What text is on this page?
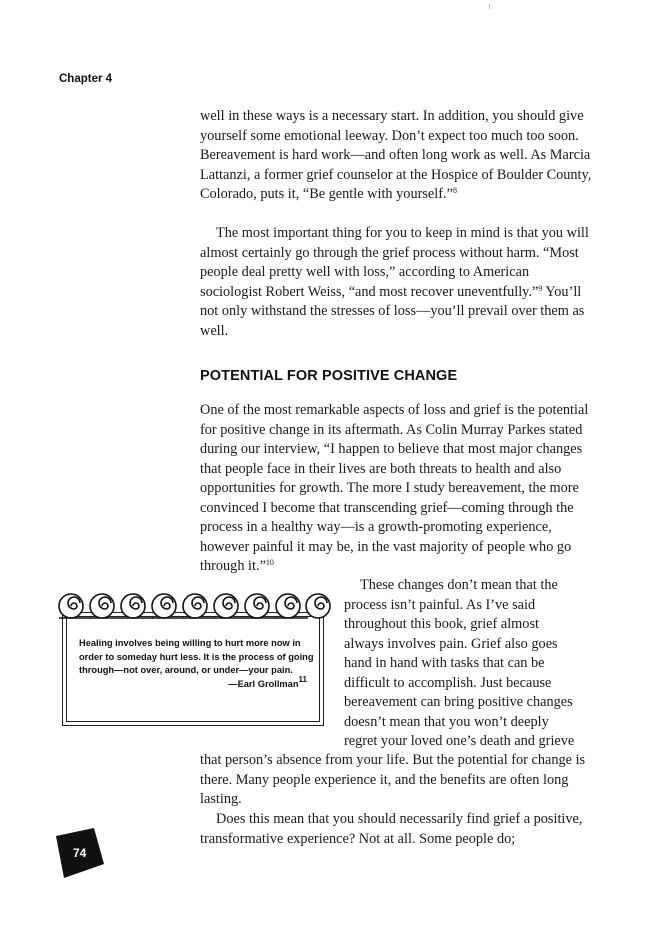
Chapter 4

well in these ways is a necessary start. In addition, you should give yourself some emotional leeway. Don’t expect too much too soon. Bereavement is hard work—and often long work as well. As Marcia Lattanzi, a former grief counselor at the Hospice of Boulder County, Colorado, puts it, “Be gentle with yourself.”$^8$

The most important thing for you to keep in mind is that you will almost certainly go through the grief process without harm. “Most people deal pretty well with loss,” according to American sociologist Robert Weiss, “and most recover uneventfully.”$^9$ You’ll not only withstand the stresses of loss—you’ll prevail over them as well.

POTENTIAL FOR POSITIVE CHANGE

One of the most remarkable aspects of loss and grief is the potential for positive change in its aftermath. As Colin Murray Parkes stated during our interview, “I happen to believe that most major changes that people face in their lives are both threats to health and also opportunities for growth. The more I study bereavement, the more convinced I become that transcending grief—coming through the process in a healthy way—is a growth-promoting experience, however painful it may be, in the vast majority of people who go through it.”$^{10}$

These changes don’t mean that the
process isn’t painful. As I’ve said
throughout this book, grief almost
always involves pain. Grief also goes
hand in hand with tasks that can be
difficult to accomplish. Just because
bereavement can bring positive changes
doesn’t mean that you won’t deeply
regret your loved one’s death and grieve

that person’s absence from your life. But the potential for change is there. Many people experience it, and the benefits are often long lasting.

Does this mean that you should necessarily find grief a positive, transformative experience? Not at all. Some people do;

Healing involves being willing to hurt more now in order to someday hurt less. It is the process of going through—not over, around, or under—your pain.
—Earl Grollman$^{11}$
74
